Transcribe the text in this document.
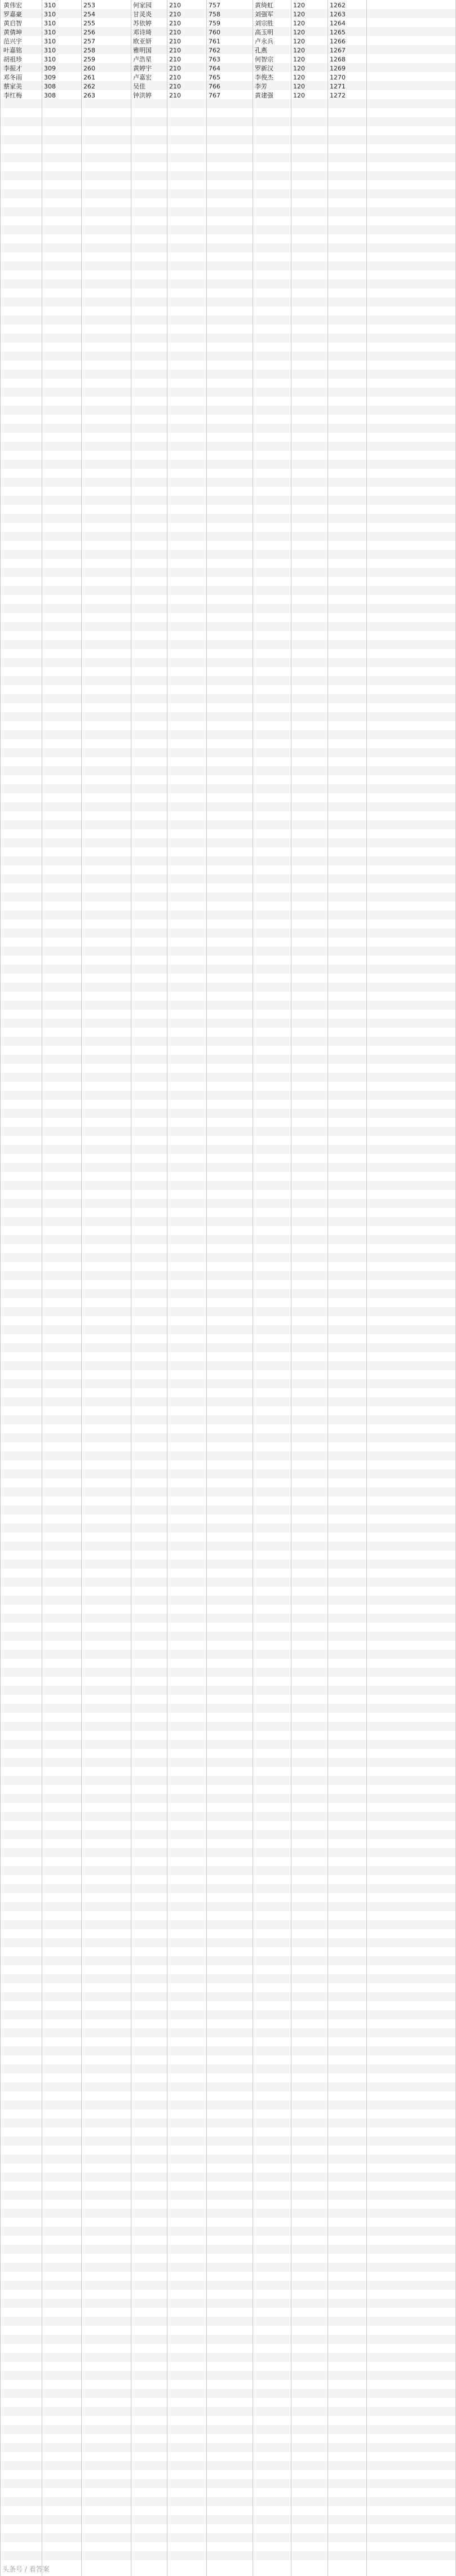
黄伟宏	310	253	何家园	210	757	黄绮虹	120	1262
罗嘉豪	310	254	甘灵炎	210	758	刘强军	120	1263
黄启智	310	255	苏依婷	210	759	刘宗胜	120	1264
黄倩坤	310	256	邓诗琦	210	760	高玉明	120	1265
范兴宇	310	257	欧亚妍	210	761	卢永兵	120	1266
叶嘉铭	310	258	雅明国	210	762	孔燕	120	1267
胡祖珍	310	259	卢浩星	210	763	何智宗	120	1268
李振才	309	260	黄婷宇	210	764	罗新汉	120	1269
邓冬雨	309	261	卢嘉宏	210	765	李俊杰	120	1270
蔡家美	308	262	吴佳	210	766	李芳	120	1271
李红梅	308	263	钟洪婷	210	767	黄建强	120	1272
头条号 / 看答案
